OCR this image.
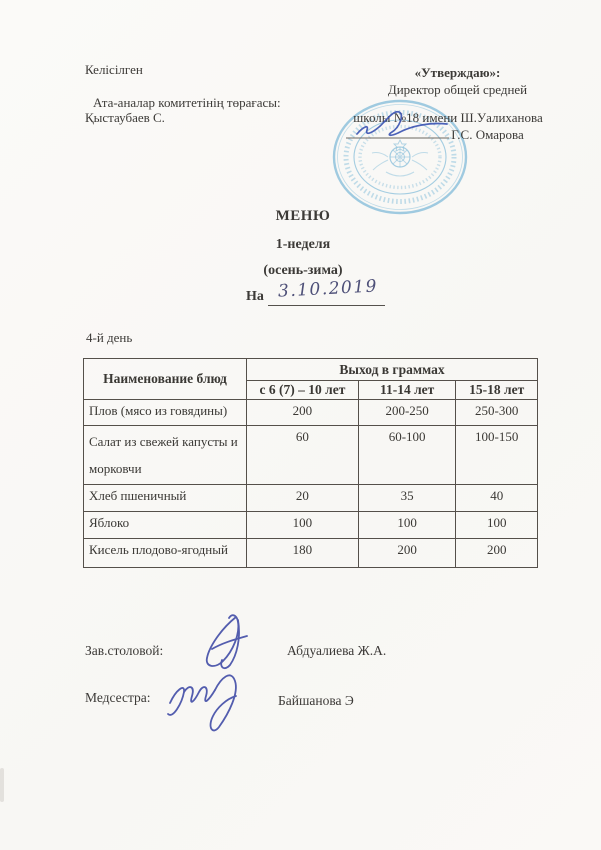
Келісілген
Ата-аналар комитетінің төрағасы:
Қыстаубаев С.
«Утверждаю»:
Директор общей средней
школы №18 имени Ш.Уалиханова
Г.С. Омарова
МЕНЮ
1-неделя
(осень-зима)
На 3.10.2019
4-й день
Наименование блюд	Выход в граммах		
	с 6 (7) – 10 лет	11-14 лет	15-18 лет
Плов (мясо из говядины)	200	200-250	250-300
Салат из свежей капусты и морковчи	60	60-100	100-150
Хлеб пшеничный	20	35	40
Яблоко	100	100	100
Кисель плодово-ягодный	180	200	200
Зав.столовой:	Абдуалиева Ж.А.
Медсестра:	Байшанова Э
